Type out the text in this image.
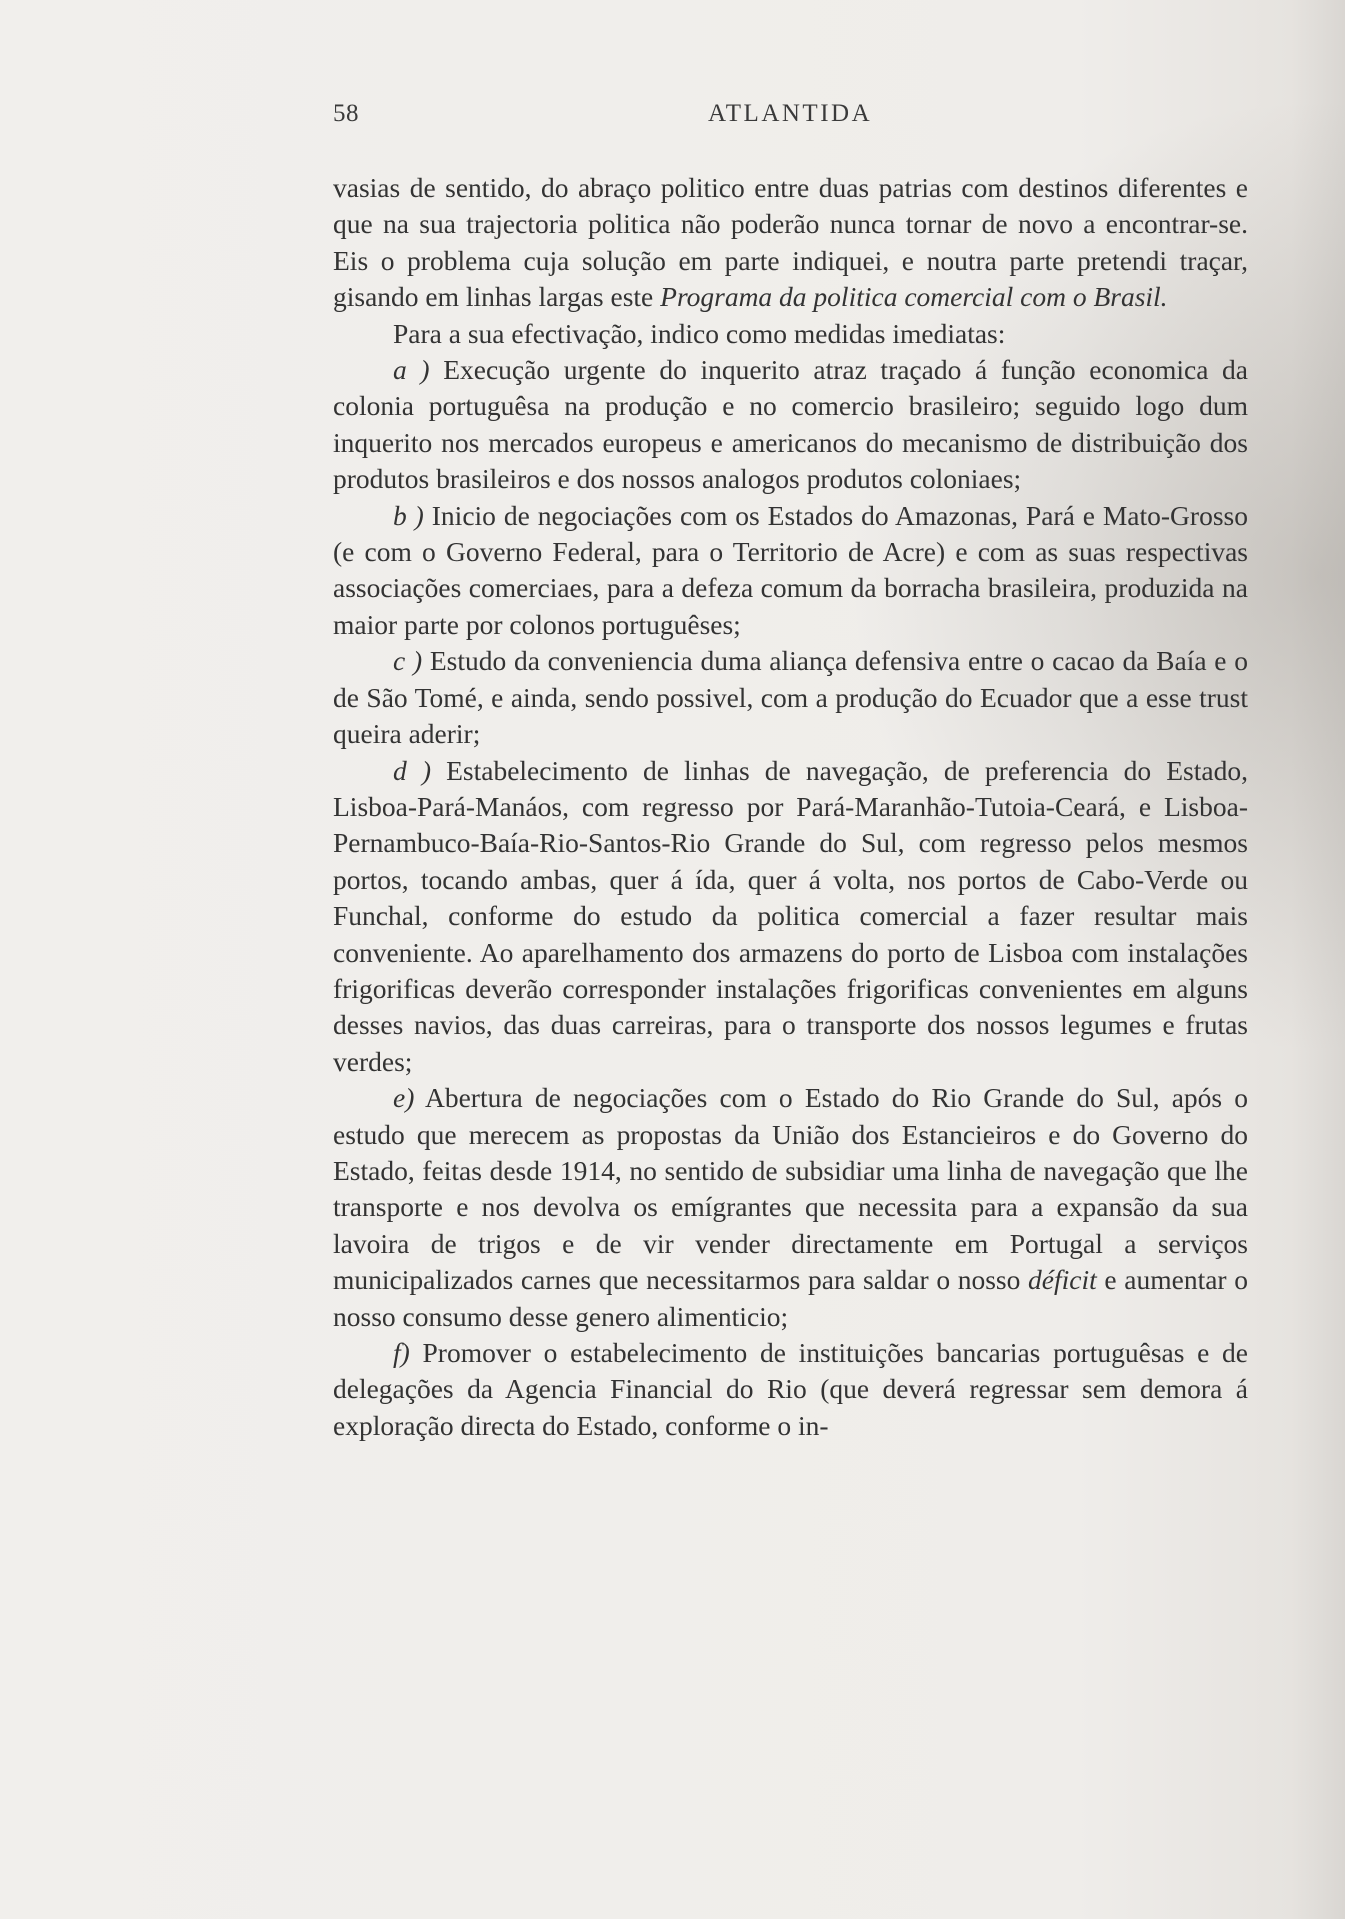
58	ATLANTIDA

vasias de sentido, do abraço politico entre duas patrias com destinos diferentes e que na sua trajectoria politica não poderão nunca tornar de novo a encontrar-se. Eis o problema cuja solução em parte indiquei, e noutra parte pretendi traçar, gisando em linhas largas este Programa da politica comercial com o Brasil.

Para a sua efectivação, indico como medidas imediatas:

a ) Execução urgente do inquerito atraz traçado á função economica da colonia portuguêsa na produção e no comercio brasileiro; seguido logo dum inquerito nos mercados europeus e americanos do mecanismo de distribuição dos produtos brasileiros e dos nossos analogos produtos coloniaes;

b ) Inicio de negociações com os Estados do Amazonas, Pará e Mato-Grosso (e com o Governo Federal, para o Territorio de Acre) e com as suas respectivas associações comerciaes, para a defeza comum da borracha brasileira, produzida na maior parte por colonos portuguêses;

c ) Estudo da conveniencia duma aliança defensiva entre o cacao da Baía e o de São Tomé, e ainda, sendo possivel, com a produção do Ecuador que a esse trust queira aderir;

d ) Estabelecimento de linhas de navegação, de preferencia do Estado, Lisboa-Pará-Manáos, com regresso por Pará-Maranhão-Tutoia-Ceará, e Lisboa-Pernambuco-Baía-Rio-Santos-Rio Grande do Sul, com regresso pelos mesmos portos, tocando ambas, quer á ída, quer á volta, nos portos de Cabo-Verde ou Funchal, conforme do estudo da politica comercial a fazer resultar mais conveniente. Ao aparelhamento dos armazens do porto de Lisboa com instalações frigorificas deverão corresponder instalações frigorificas convenientes em alguns desses navios, das duas carreiras, para o transporte dos nossos legumes e frutas verdes;

e) Abertura de negociações com o Estado do Rio Grande do Sul, após o estudo que merecem as propostas da União dos Estancieiros e do Governo do Estado, feitas desde 1914, no sentido de subsidiar uma linha de navegação que lhe transporte e nos devolva os emígrantes que necessita para a expansão da sua lavoira de trigos e de vir vender directamente em Portugal a serviços municipalizados carnes que necessitarmos para saldar o nosso déficit e aumentar o nosso consumo desse genero alimenticio;

f) Promover o estabelecimento de instituições bancarias portuguêsas e de delegações da Agencia Financial do Rio (que deverá regressar sem demora á exploração directa do Estado, conforme o in-
